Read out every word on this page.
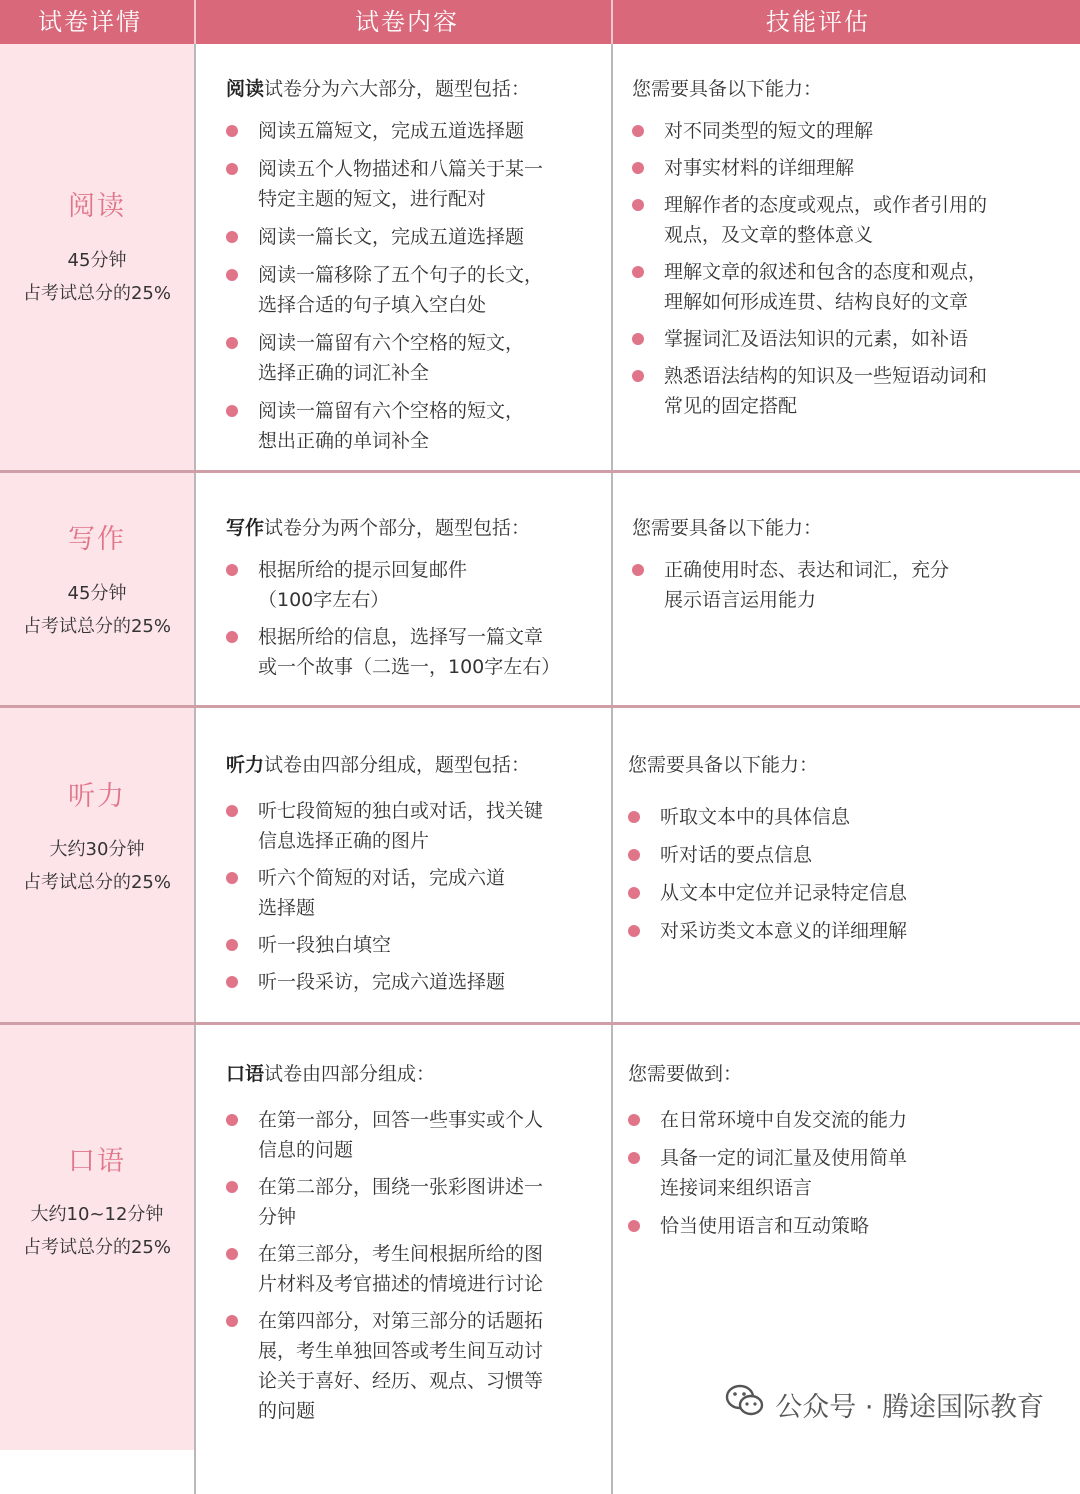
试卷详情	试卷内容	技能评估
阅读
45分钟
占考试总分的25%
阅读试卷分为六大部分，题型包括：
阅读五篇短文，完成五道选择题
阅读五个人物描述和八篇关于某一
特定主题的短文，进行配对
阅读一篇长文，完成五道选择题
阅读一篇移除了五个句子的长文，
选择合适的句子填入空白处
阅读一篇留有六个空格的短文，
选择正确的词汇补全
阅读一篇留有六个空格的短文，
想出正确的单词补全
您需要具备以下能力：
对不同类型的短文的理解
对事实材料的详细理解
理解作者的态度或观点，或作者引用的
观点，及文章的整体意义
理解文章的叙述和包含的态度和观点，
理解如何形成连贯、结构良好的文章
掌握词汇及语法知识的元素，如补语
熟悉语法结构的知识及一些短语动词和
常见的固定搭配
写作
45分钟
占考试总分的25%
写作试卷分为两个部分，题型包括：
根据所给的提示回复邮件
（100字左右）
根据所给的信息，选择写一篇文章
或一个故事（二选一，100字左右）
您需要具备以下能力：
正确使用时态、表达和词汇，充分
展示语言运用能力
听力
大约30分钟
占考试总分的25%
听力试卷由四部分组成，题型包括：
听七段简短的独白或对话，找关键
信息选择正确的图片
听六个简短的对话，完成六道
选择题
听一段独白填空
听一段采访，完成六道选择题
您需要具备以下能力：
听取文本中的具体信息
听对话的要点信息
从文本中定位并记录特定信息
对采访类文本意义的详细理解
口语
大约10~12分钟
占考试总分的25%
口语试卷由四部分组成：
在第一部分，回答一些事实或个人
信息的问题
在第二部分，围绕一张彩图讲述一
分钟
在第三部分，考生间根据所给的图
片材料及考官描述的情境进行讨论
在第四部分，对第三部分的话题拓
展，考生单独回答或考生间互动讨
论关于喜好、经历、观点、习惯等
的问题
您需要做到：
在日常环境中自发交流的能力
具备一定的词汇量及使用简单
连接词来组织语言
恰当使用语言和互动策略
公众号 · 腾途国际教育
